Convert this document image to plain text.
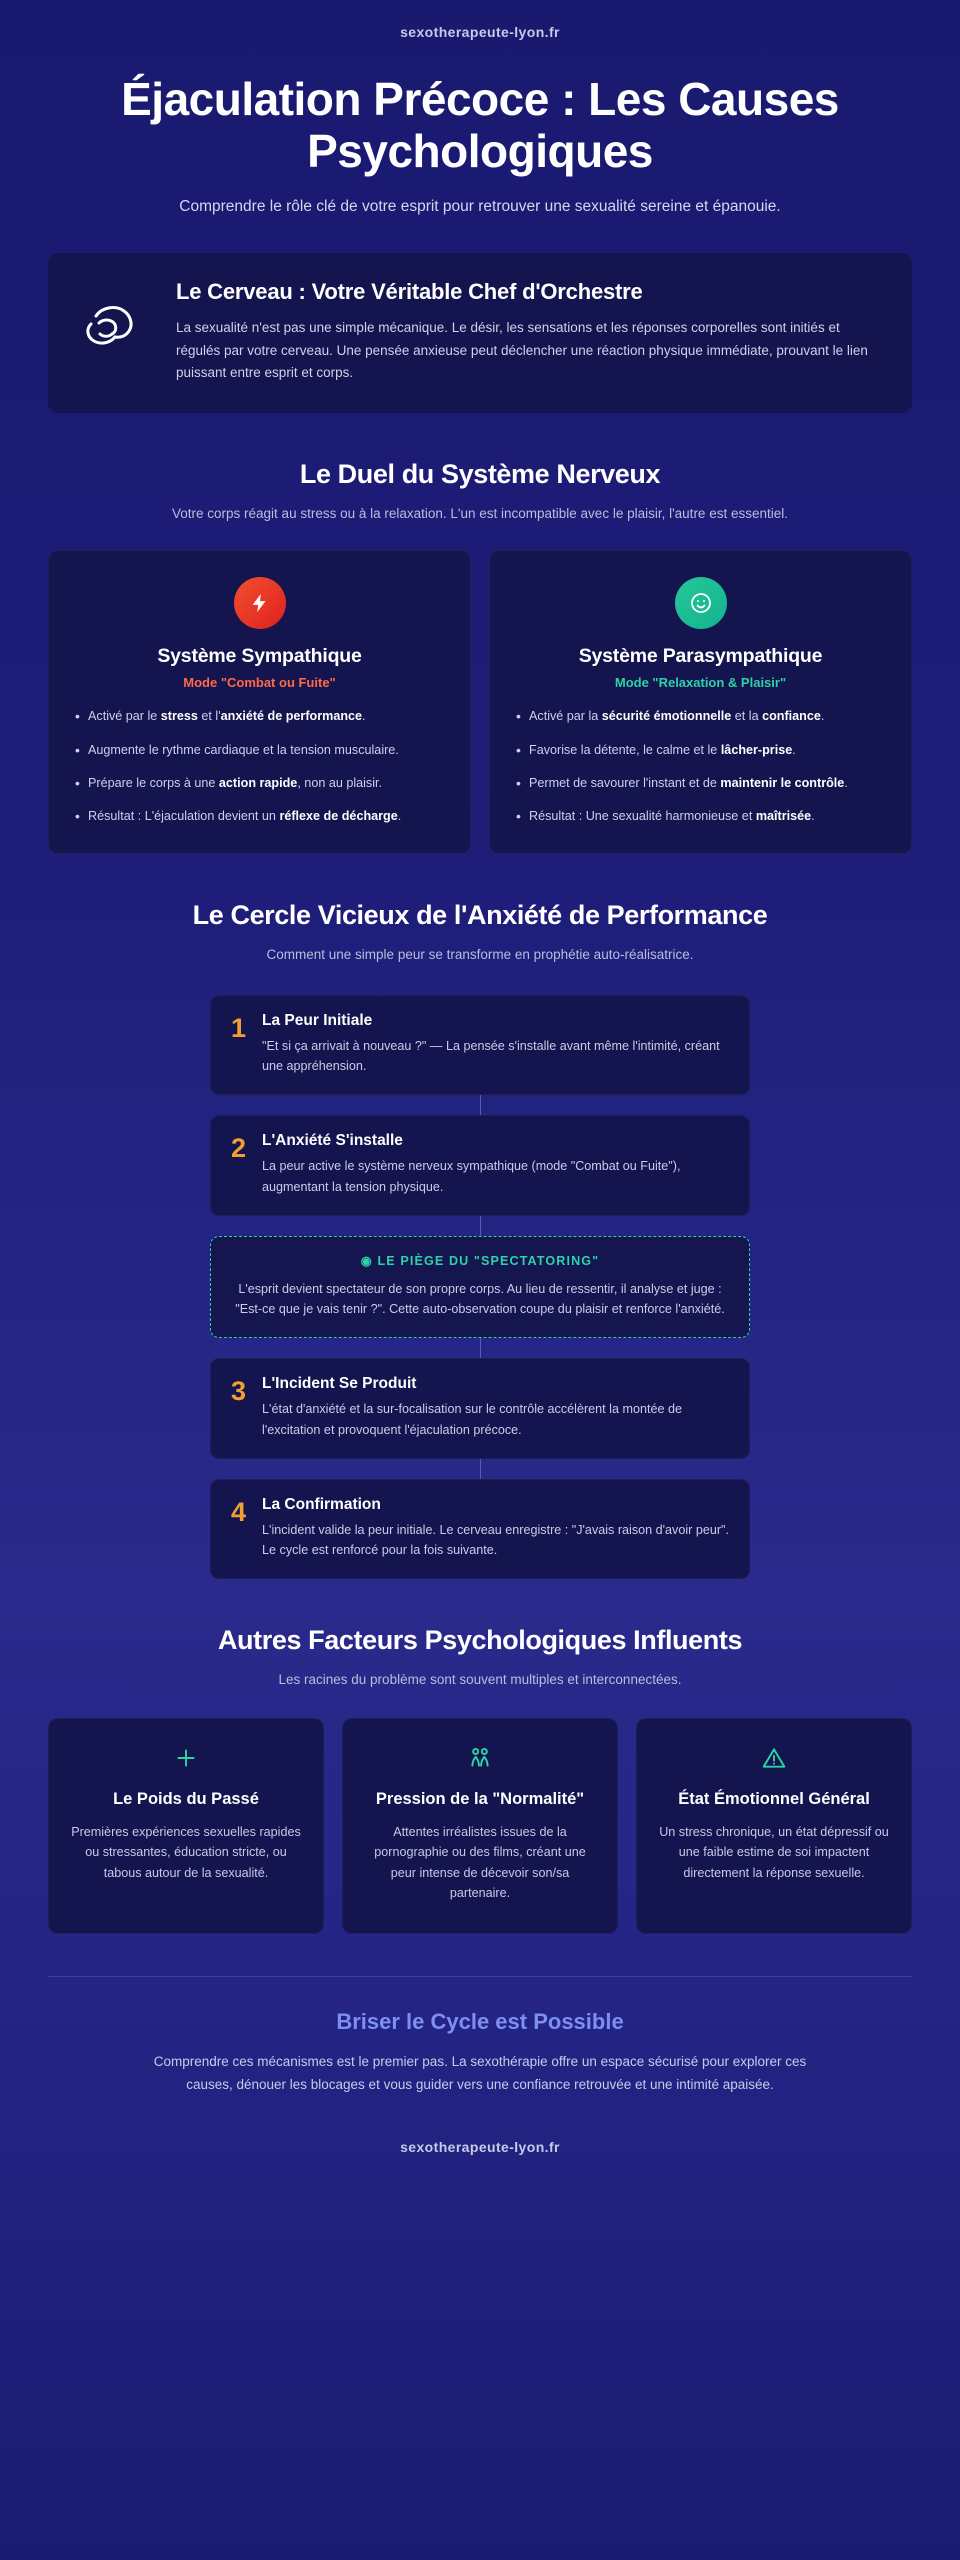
sexotherapeute-lyon.fr
Éjaculation Précoce : Les Causes Psychologiques
Comprendre le rôle clé de votre esprit pour retrouver une sexualité sereine et épanouie.
Le Cerveau : Votre Véritable Chef d'Orchestre

La sexualité n'est pas une simple mécanique. Le désir, les sensations et les réponses corporelles sont initiés et régulés par votre cerveau. Une pensée anxieuse peut déclencher une réaction physique immédiate, prouvant le lien puissant entre esprit et corps.

Le Duel du Système Nerveux
Votre corps réagit au stress ou à la relaxation. L'un est incompatible avec le plaisir, l'autre est essentiel.
Système Sympathique
Mode "Combat ou Fuite"
• Activé par le stress et l'anxiété de performance.
• Augmente le rythme cardiaque et la tension musculaire.
• Prépare le corps à une action rapide, non au plaisir.
• Résultat : L'éjaculation devient un réflexe de décharge.
Système Parasympathique
Mode "Relaxation & Plaisir"
• Activé par la sécurité émotionnelle et la confiance.
• Favorise la détente, le calme et le lâcher-prise.
• Permet de savourer l'instant et de maintenir le contrôle.
• Résultat : Une sexualité harmonieuse et maîtrisée.
Le Cercle Vicieux de l'Anxiété de Performance
Comment une simple peur se transforme en prophétie auto-réalisatrice.
1 La Peur Initiale

"Et si ça arrivait à nouveau ?" — La pensée s'installe avant même l'intimité, créant une appréhension.

2 L'Anxiété S'installe

La peur active le système nerveux sympathique (mode "Combat ou Fuite"), augmentant la tension physique.

◉ LE PIÈGE DU "SPECTATORING"

L'esprit devient spectateur de son propre corps. Au lieu de ressentir, il analyse et juge : "Est-ce que je vais tenir ?". Cette auto-observation coupe du plaisir et renforce l'anxiété.

3 L'Incident Se Produit

L'état d'anxiété et la sur-focalisation sur le contrôle accélèrent la montée de l'excitation et provoquent l'éjaculation précoce.

4 La Confirmation

L'incident valide la peur initiale. Le cerveau enregistre : "J'avais raison d'avoir peur". Le cycle est renforcé pour la fois suivante.

Autres Facteurs Psychologiques Influents
Les racines du problème sont souvent multiples et interconnectées.
Le Poids du Passé

Premières expériences sexuelles rapides ou stressantes, éducation stricte, ou tabous autour de la sexualité.

Pression de la "Normalité"

Attentes irréalistes issues de la pornographie ou des films, créant une peur intense de décevoir son/sa partenaire.

État Émotionnel Général

Un stress chronique, un état dépressif ou une faible estime de soi impactent directement la réponse sexuelle.

Briser le Cycle est Possible
Comprendre ces mécanismes est le premier pas. La sexothérapie offre un espace sécurisé pour explorer ces causes, dénouer les blocages et vous guider vers une confiance retrouvée et une intimité apaisée.
sexotherapeute-lyon.fr
